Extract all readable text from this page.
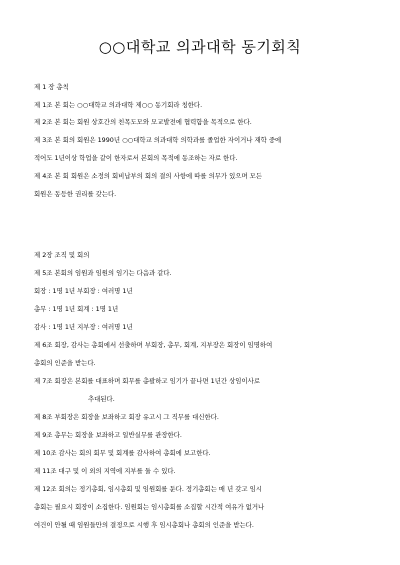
○○대학교 의과대학 동기회칙
제 1 장 총칙
제 1조 본 회는 ○○대학교 의과대학 제○○ 동기회라 칭한다.
제 2조 본 회는 회원 상호간의 친목도모와 모교발전에 협력함을 목적으로 한다.
제 3조 본 회의 회원은 1990년 ○○대학교 의과대학 의학과를 졸업한 자이거나 재학 중에
적어도 1년이상 학업을 같이 한자로서 본회의 목적에 동조하는 자로 한다.
제 4조 본 회 회원은 소정의 회비납부의 회의 결의 사항에 따를 의무가 있으며 모든
회원은 동등한 권리를 갖는다.
제 2장 조직 및 회의
제 5조 본회의 임원과 임원의 임기는 다음과 같다.
회장 : 1명 1년 부회장 : 여러명 1년
총무 : 1명 1년 회계 : 1명 1년
감사 : 1명 1년 지부장 : 여러명 1년
제 6조 회장, 감사는 총회에서 선출하며 부회장, 총무, 회계, 지부장은 회장이 임명하여
총회의 인준을 받는다.
제 7조 회장은 본회를 대표하며 회무를 총괄하고 임기가 끝나면 1년간 상임이사로
추대된다.
제 8조 부회장은 회장을 보좌하고 회장 유고시 그 직무를 대신한다.
제 9조 총무는 회장을 보좌하고 일반실무를 관장한다.
제 10조 감사는 회의 회무 및 회계를 감사하여 총회에 보고한다.
제 11조 대구 및 이 외의 지역에 지부를 둘 수 있다.
제 12조 회의는 정기총회, 임시총회 및 임원회를 둔다. 정기총회는 매 년 갖고 임시
총회는 필요시 회장이 소집한다. 임원회는 임시총회를 소집할 시간적 여유가 없거나
여건이 안될 때 임원들만의 결정으로 시행 후 임시총회나 총회의 인준을 받는다.
